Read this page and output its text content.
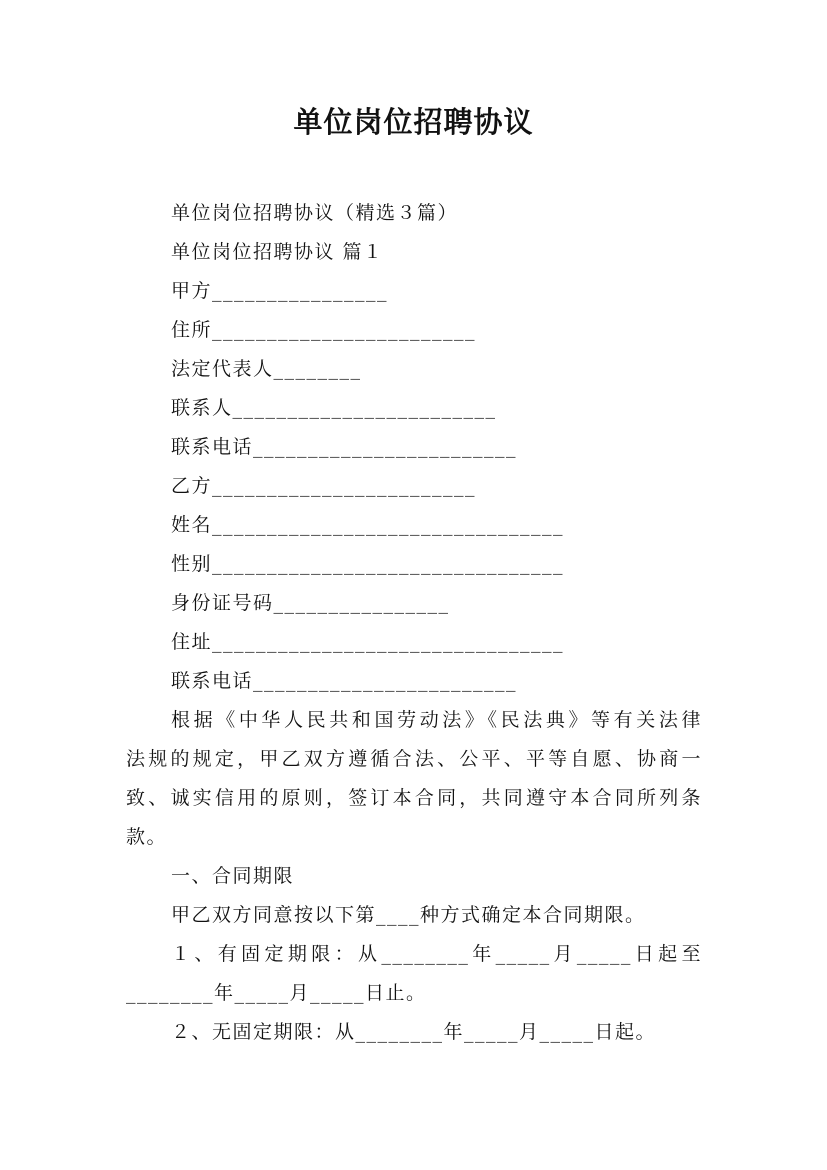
单位岗位招聘协议
单位岗位招聘协议（精选３篇）
单位岗位招聘协议 篇１
甲方________________
住所________________________
法定代表人________
联系人________________________
联系电话________________________
乙方________________________
姓名________________________________
性别________________________________
身份证号码________________
住址________________________________
联系电话________________________
根据《中华人民共和国劳动法》《民法典》等有关法律
法规的规定，甲乙双方遵循合法、公平、平等自愿、协商一
致、诚实信用的原则，签订本合同，共同遵守本合同所列条
款。
一、合同期限
甲乙双方同意按以下第____种方式确定本合同期限。
１、有固定期限：从________年_____月_____日起至
________年_____月_____日止。
２、无固定期限：从________年_____月_____日起。
